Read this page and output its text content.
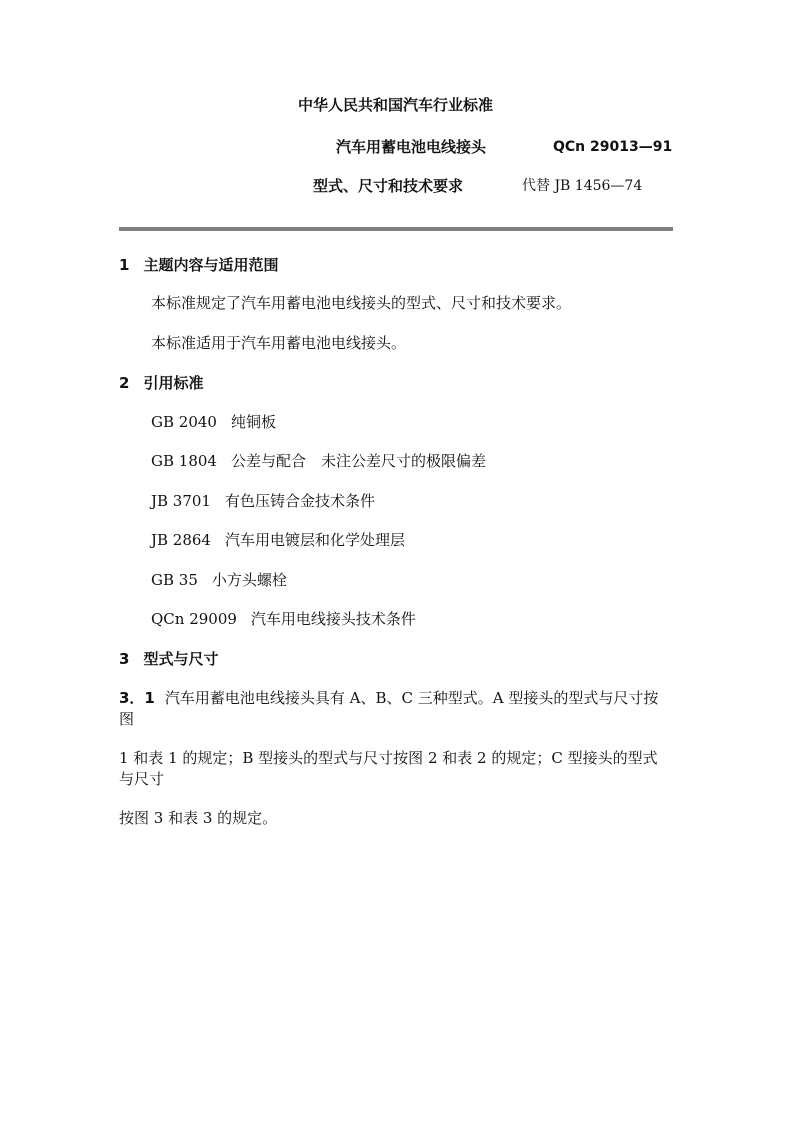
中华人民共和国汽车行业标准
汽车用蓄电池电线接头	QCn 29013—91
型式、尺寸和技术要求	代替 JB 1456—74
1 主题内容与适用范围
本标准规定了汽车用蓄电池电线接头的型式、尺寸和技术要求。
本标准适用于汽车用蓄电池电线接头。
2 引用标准
GB 2040 纯铜板
GB 1804 公差与配合　未注公差尺寸的极限偏差
JB 3701 有色压铸合金技术条件
JB 2864 汽车用电镀层和化学处理层
GB 35 小方头螺栓
QCn 29009 汽车用电线接头技术条件
3 型式与尺寸
3．1 汽车用蓄电池电线接头具有 A、B、C 三种型式。A 型接头的型式与尺寸按
图
1 和表 1 的规定；B 型接头的型式与尺寸按图 2 和表 2 的规定；C 型接头的型式
与尺寸
按图 3 和表 3 的规定。
